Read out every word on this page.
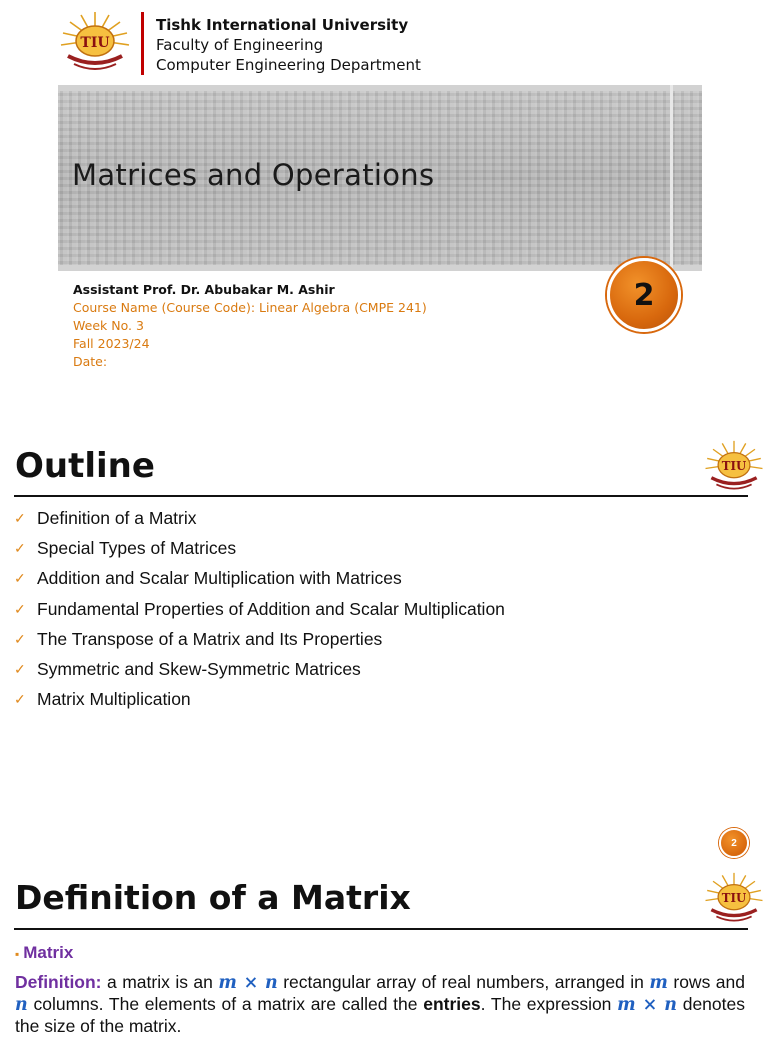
TIU
Tishk International University
Faculty of Engineering
Computer Engineering Department
Matrices and Operations
2
Assistant Prof. Dr. Abubakar M. Ashir
Course Name (Course Code): Linear Algebra (CMPE 241)
Week No. 3
Fall 2023/24
Date:
Outline	TIU
✓ Definition of a Matrix
✓ Special Types of Matrices
✓ Addition and Scalar Multiplication with Matrices
✓ Fundamental Properties of Addition and Scalar Multiplication
✓ The Transpose of a Matrix and Its Properties
✓ Symmetric and Skew-Symmetric Matrices
✓ Matrix Multiplication
2
Definition of a Matrix	TIU
▪ Matrix
Definition: a matrix is an m × n rectangular array of real numbers, arranged in m rows and n columns. The elements of a matrix are called the entries. The expression m × n denotes the size of the matrix.
